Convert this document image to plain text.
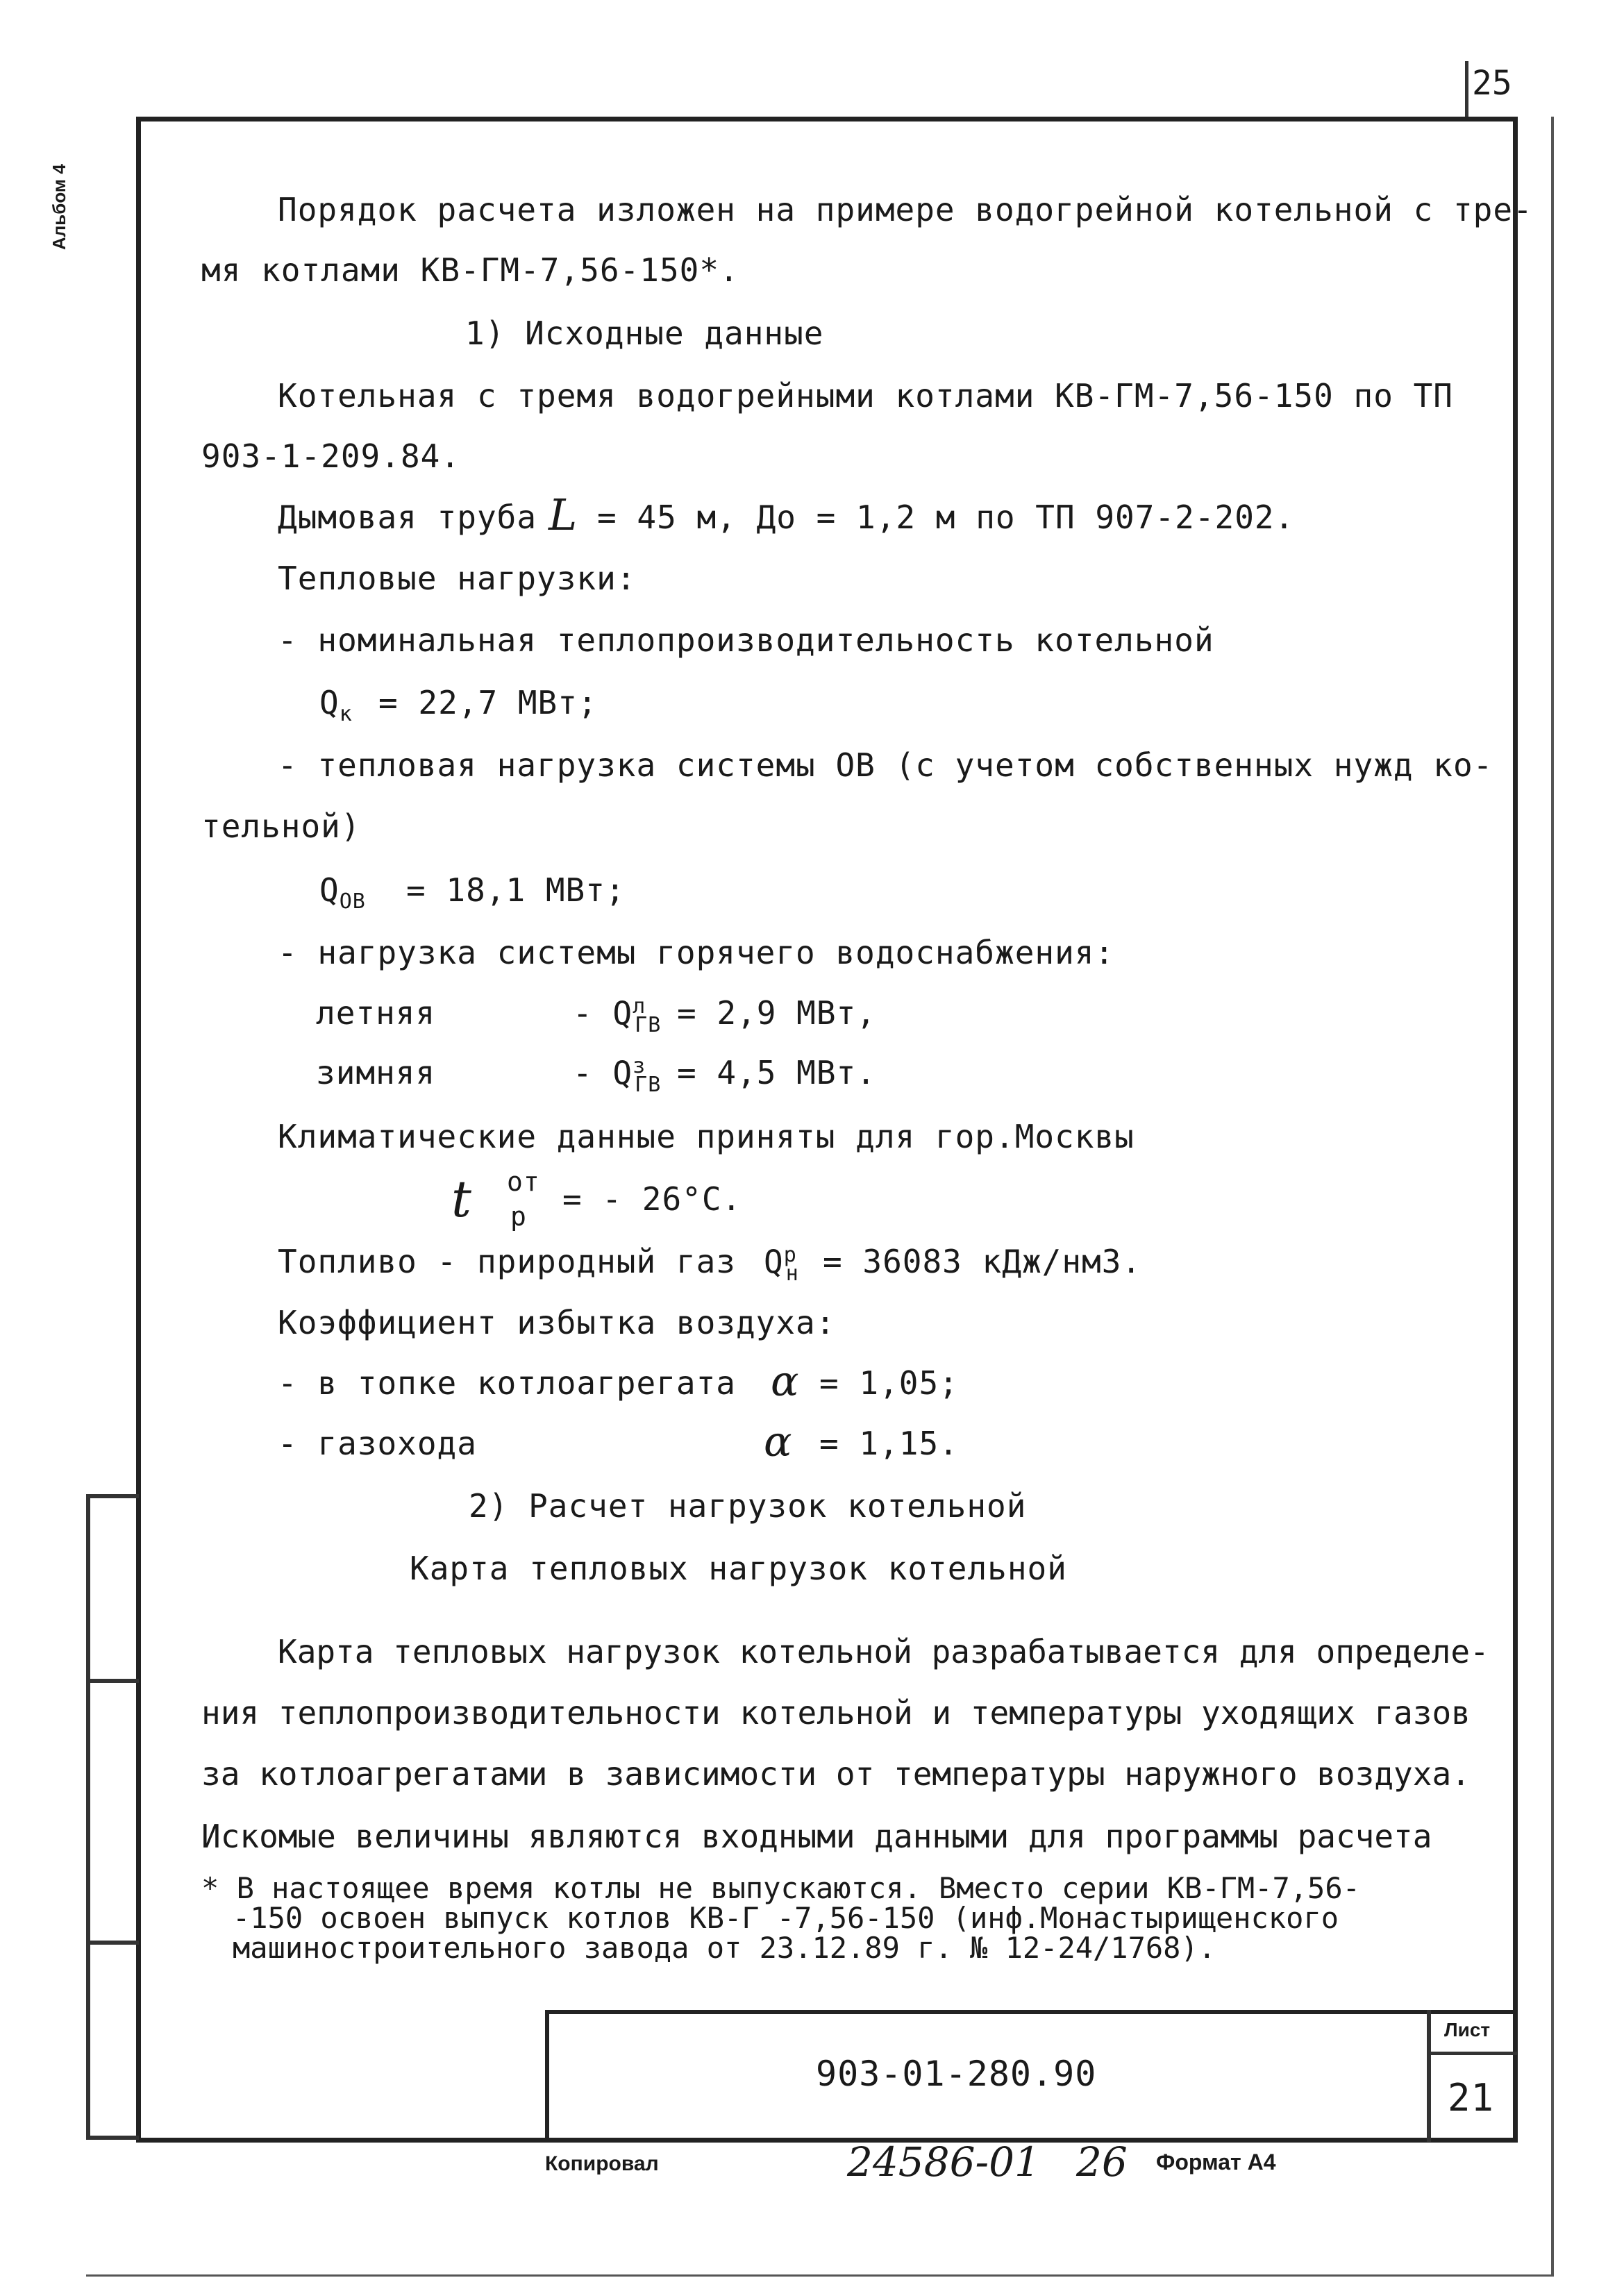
25
Альбом 4	Порядок расчета изложен на примере водогрейной котельной с тре-
мя котлами КВ-ГМ-7,56-150*.
1) Исходные данные
Котельная с тремя водогрейными котлами КВ-ГМ-7,56-150 по ТП
903-1-209.84.
Дымовая труба L = 45 м, До = 1,2 м по ТП 907-2-202.
Тепловые нагрузки:
- номинальная теплопроизводительность котельной
$Q_к = 22,7$ МВт;
- тепловая нагрузка системы ОВ (с учетом собственных нужд ко-
тельной)
$Q_{ОВ} = 18,1$ МВт;
- нагрузка системы горячего водоснабжения:
летняя	- $Q^л_{ГВ} = 2,9$ МВт,
зимняя	- $Q^з_{ГВ} = 4,5$ МВт.
Климатические данные приняты для гор.Москвы
t от
р = - 26°С.
Топливо - природный газ $Q^р_н = 36083$ кДж/нм3.
Коэффициент избытка воздуха:
- в топке котлоагрегата α = 1,05;
- газохода	α = 1,15.
2) Расчет нагрузок котельной
Карта тепловых нагрузок котельной
Карта тепловых нагрузок котельной разрабатывается для определе-
ния теплопроизводительности котельной и температуры уходящих газов
за котлоагрегатами в зависимости от температуры наружного воздуха.
Искомые величины являются входными данными для программы расчета
* В настоящее время котлы не выпускаются. Вместо серии КВ-ГМ-7,56-
-150 освоен выпуск котлов КВ-Г -7,56-150 (инф.Монастырищенского
машиностроительного завода от 23.12.89 г. № 12-24/1768).
903-01-280.90
Лист
21
Копировал	24586-01 26 Формат А4
